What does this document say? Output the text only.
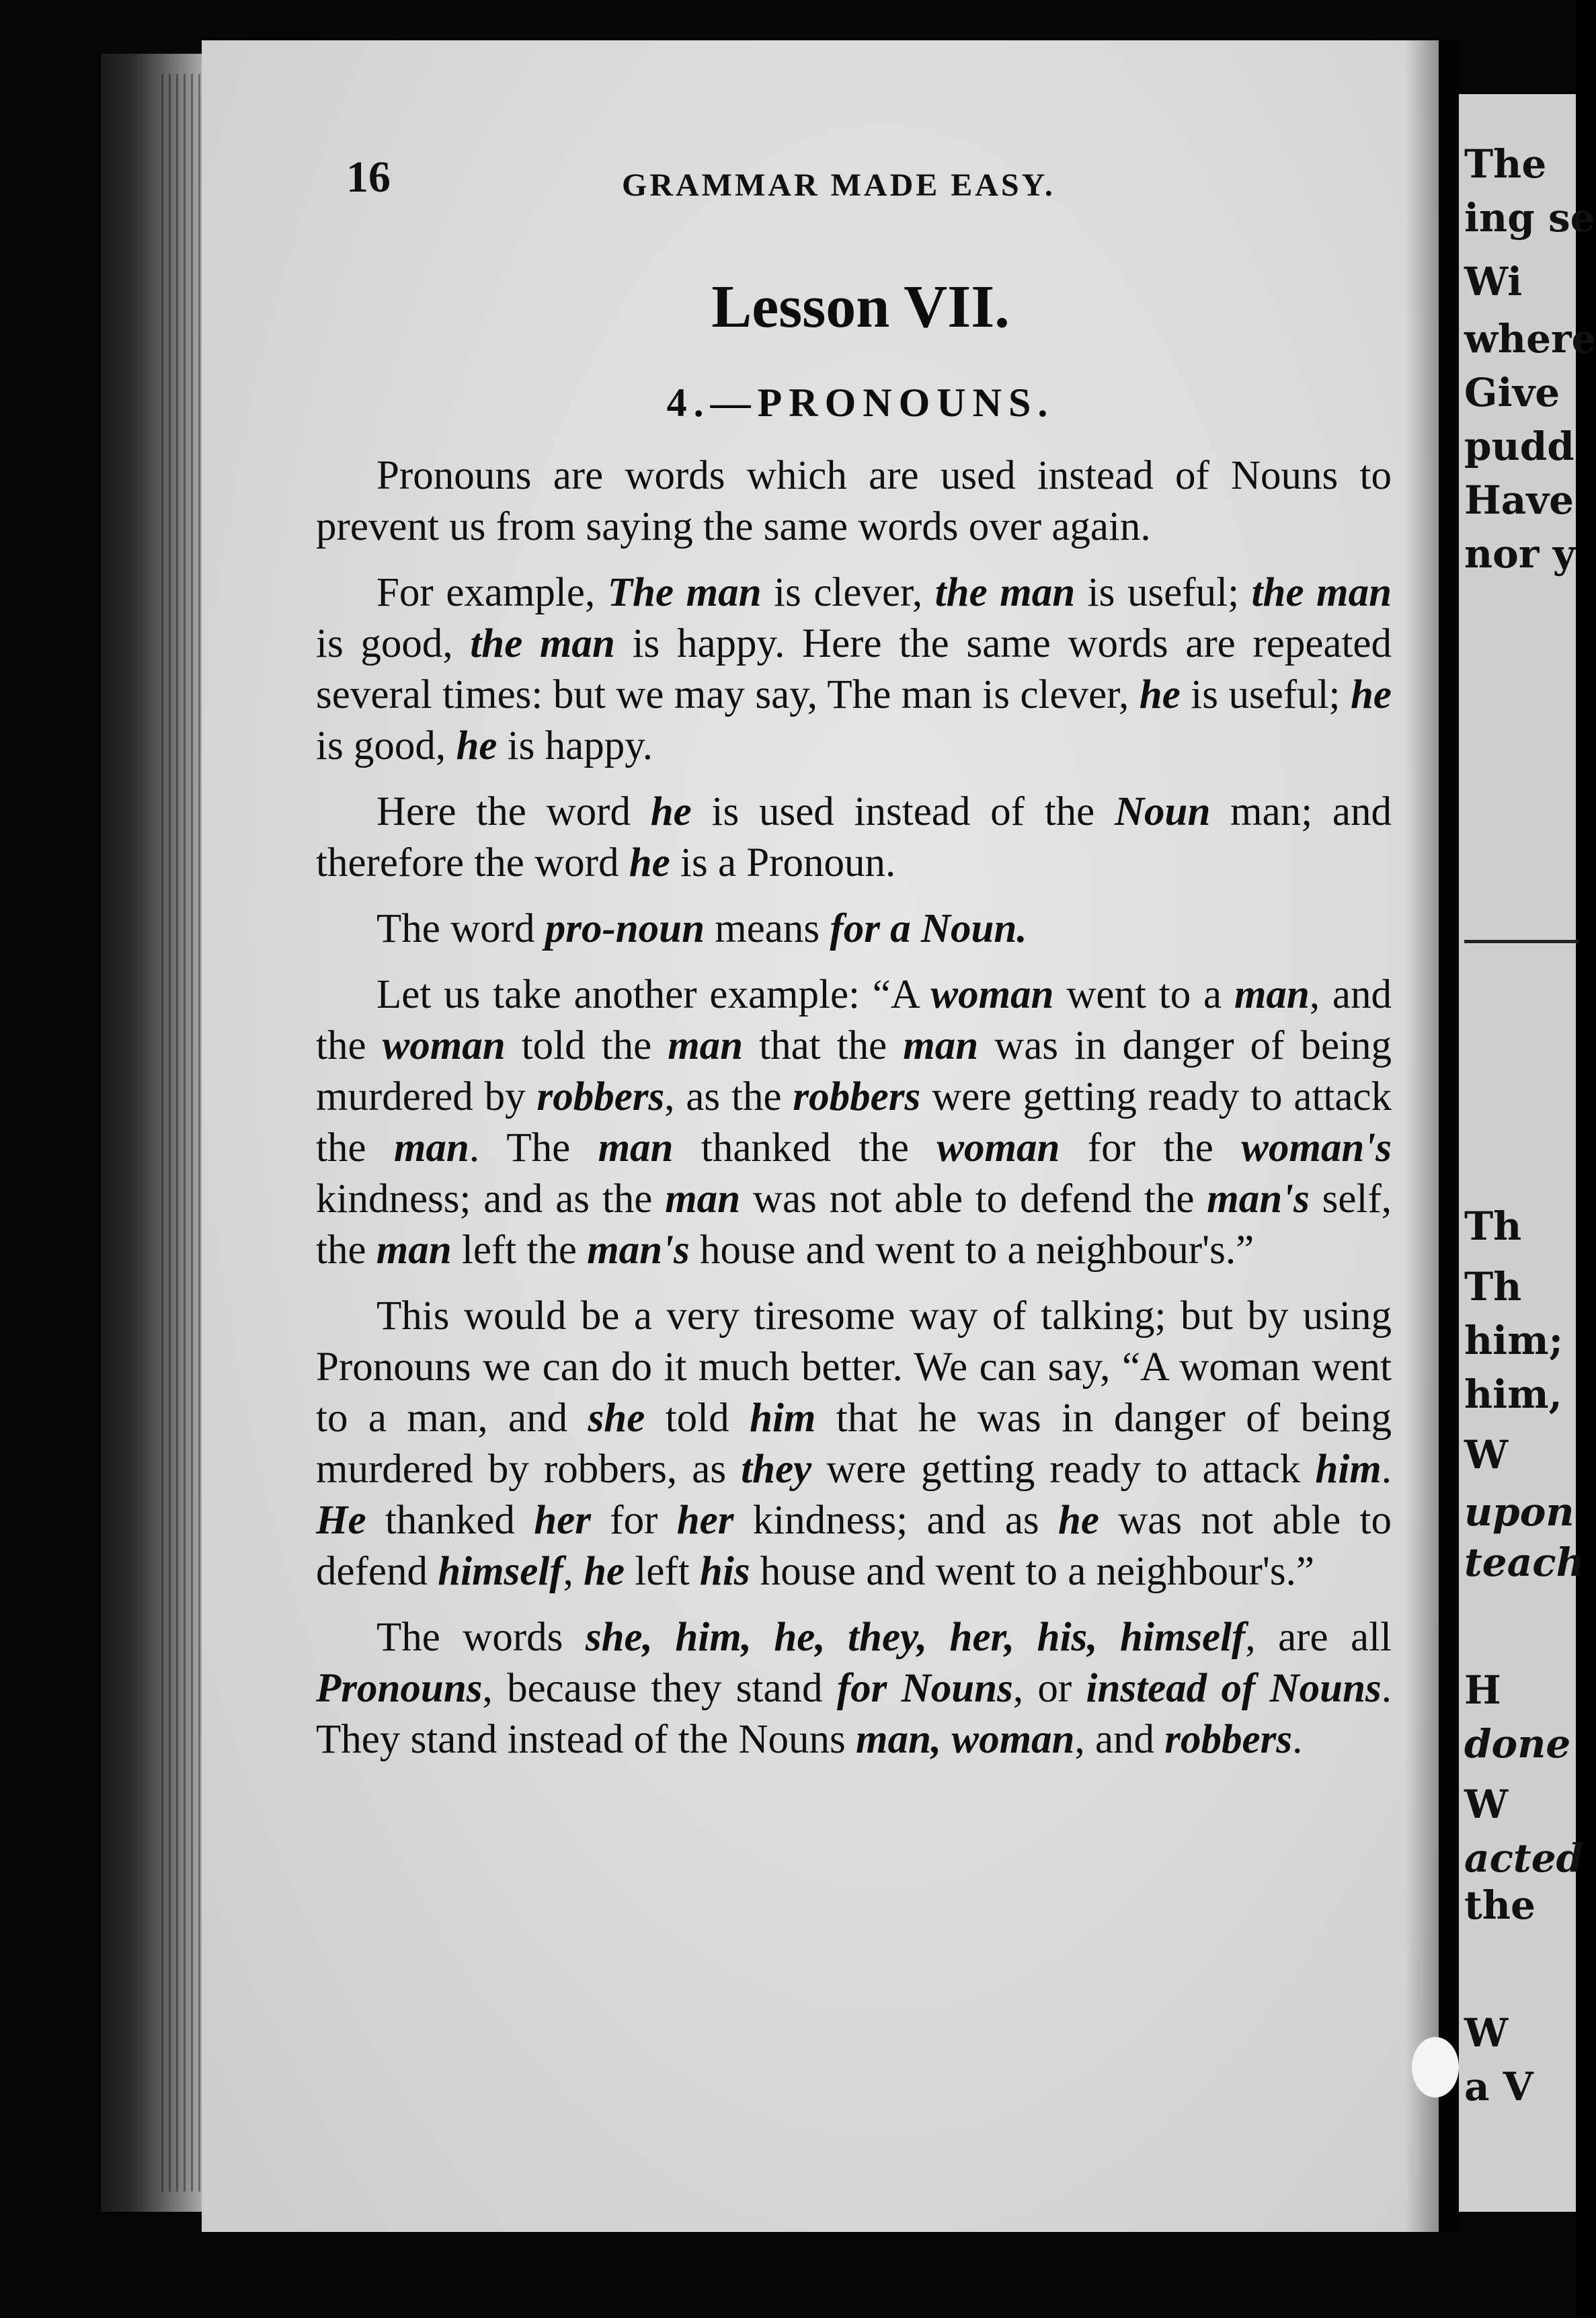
16	GRAMMAR MADE EASY.
Lesson VII.
4.—PRONOUNS.

Pronouns are words which are used instead of Nouns to prevent us from saying the same words over again.

For example, The man is clever, the man is useful; the man is good, the man is happy. Here the same words are repeated several times: but we may say, The man is clever, he is useful; he is good, he is happy.

Here the word he is used instead of the Noun man; and therefore the word he is a Pronoun.

The word pro-noun means for a Noun.

Let us take another example: “A woman went to a man, and the woman told the man that the man was in danger of being murdered by robbers, as the robbers were getting ready to attack the man. The man thanked the woman for the woman's kindness; and as the man was not able to defend the man's self, the man left the man's house and went to a neighbour's.”

This would be a very tiresome way of talking; but by using Pronouns we can do it much better. We can say, “A woman went to a man, and she told him that he was in danger of being murdered by robbers, as they were getting ready to attack him. He thanked her for her kindness; and as he was not able to defend himself, he left his house and went to a neighbour's.”

The words she, him, he, they, her, his, himself, are all Pronouns, because they stand for Nouns, or instead of Nouns. They stand instead of the Nouns man, woman, and robbers.

The
ing se
Wi
where
Give
pudd
Have
nor y
Th
Th
him;
him,
W
upon
teach
H
done
W
acted
the
W
a V
